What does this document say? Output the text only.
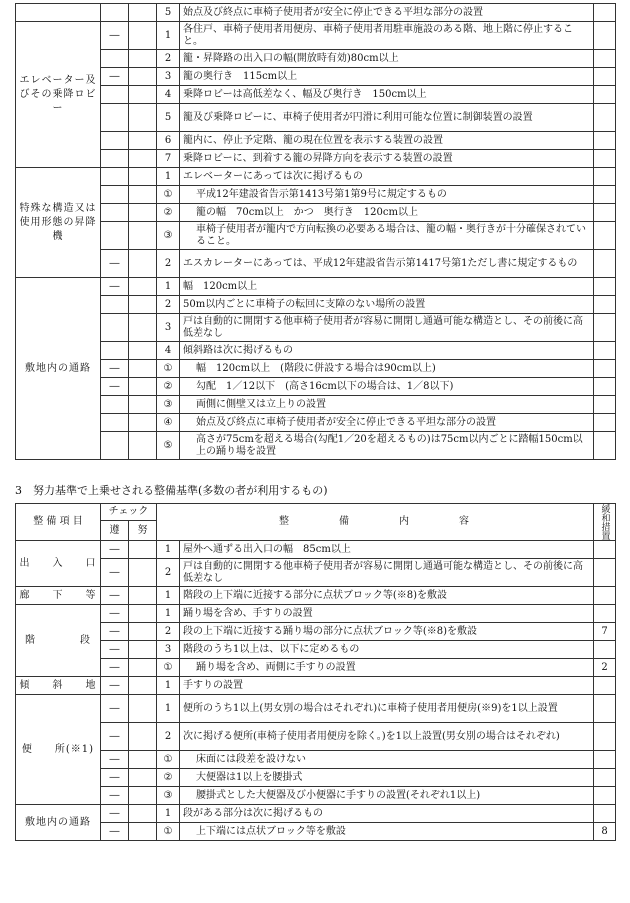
			5	始点及び終点に車椅子使用者が安全に停止できる平坦な部分の設置	
エレベーター及びその乗降ロビー	―		1	各住戸、車椅子使用者用便房、車椅子使用者用駐車施設のある階、地上階に停止すること。	
			2	籠・昇降路の出入口の幅(開放時有効)80cm以上	
	―		3	籠の奥行き　115cm以上	
			4	乗降ロビーは高低差なく、幅及び奥行き　150cm以上	
			5	籠及び乗降ロビーに、車椅子使用者が円滑に利用可能な位置に制御装置の設置	
			6	籠内に、停止予定階、籠の現在位置を表示する装置の設置	
			7	乗降ロビーに、到着する籠の昇降方向を表示する装置の設置	
特殊な構造又は使用形態の昇降機			1	エレベーターにあっては次に掲げるもの	
			①	平成12年建設省告示第1413号第1第9号に規定するもの	
			②	籠の幅　70cm以上　かつ　奥行き　120cm以上	
			③	車椅子使用者が籠内で方向転換の必要ある場合は、籠の幅・奥行きが十分確保されていること。	
	―		2	エスカレーターにあっては、平成12年建設省告示第1417号第1ただし書に規定するもの	
敷地内の通路	―		1	幅　120cm以上	
			2	50m以内ごとに車椅子の転回に支障のない場所の設置	
			3	戸は自動的に開閉する他車椅子使用者が容易に開閉し通過可能な構造とし、その前後に高低差なし	
			4	傾斜路は次に掲げるもの	
	―		①	幅　120cm以上　(階段に併設する場合は90cm以上)	
	―		②	勾配　1／12以下　(高さ16cm以下の場合は、1／8以下)	
			③	両側に側壁又は立上りの設置	
			④	始点及び終点に車椅子使用者が安全に停止できる平坦な部分の設置	
			⑤	高さが75cmを超える場合(勾配1／20を超えるもの)は75cm以内ごとに踏幅150cm以上の踊り場を設置	
3　努力基準で上乗せされる整備基準(多数の者が利用するもの)
整 備 項 目	チェック		整　　　　備　　　　内　　　　容		緩和措置
	遵	努			
出　　入　　口	―		1	屋外へ通ずる出入口の幅　85cm以上	
	―		2	戸は自動的に開閉する他車椅子使用者が容易に開閉し通過可能な構造とし、その前後に高低差なし	
廊　　下　　等	―		1	階段の上下端に近接する部分に点状ブロック等(※8)を敷設	
階　　　　段	―		1	踊り場を含め、手すりの設置	
	―		2	段の上下端に近接する踊り場の部分に点状ブロック等(※8)を敷設	7
	―		3	階段のうち1以上は、以下に定めるもの	
	―		①	踊り場を含め、両側に手すりの設置	2
傾　　斜　　地	―		1	手すりの設置	
便　　所(※1)	―		1	便所のうち1以上(男女別の場合はそれぞれ)に車椅子使用者用便房(※9)を1以上設置	
	―		2	次に掲げる便所(車椅子使用者用便房を除く。)を1以上設置(男女別の場合はそれぞれ)	
	―		①	床面には段差を設けない	
	―		②	大便器は1以上を腰掛式	
	―		③	腰掛式とした大便器及び小便器に手すりの設置(それぞれ1以上)	
敷地内の通路	―		1	段がある部分は次に掲げるもの	
	―		①	上下端には点状ブロック等を敷設	8
